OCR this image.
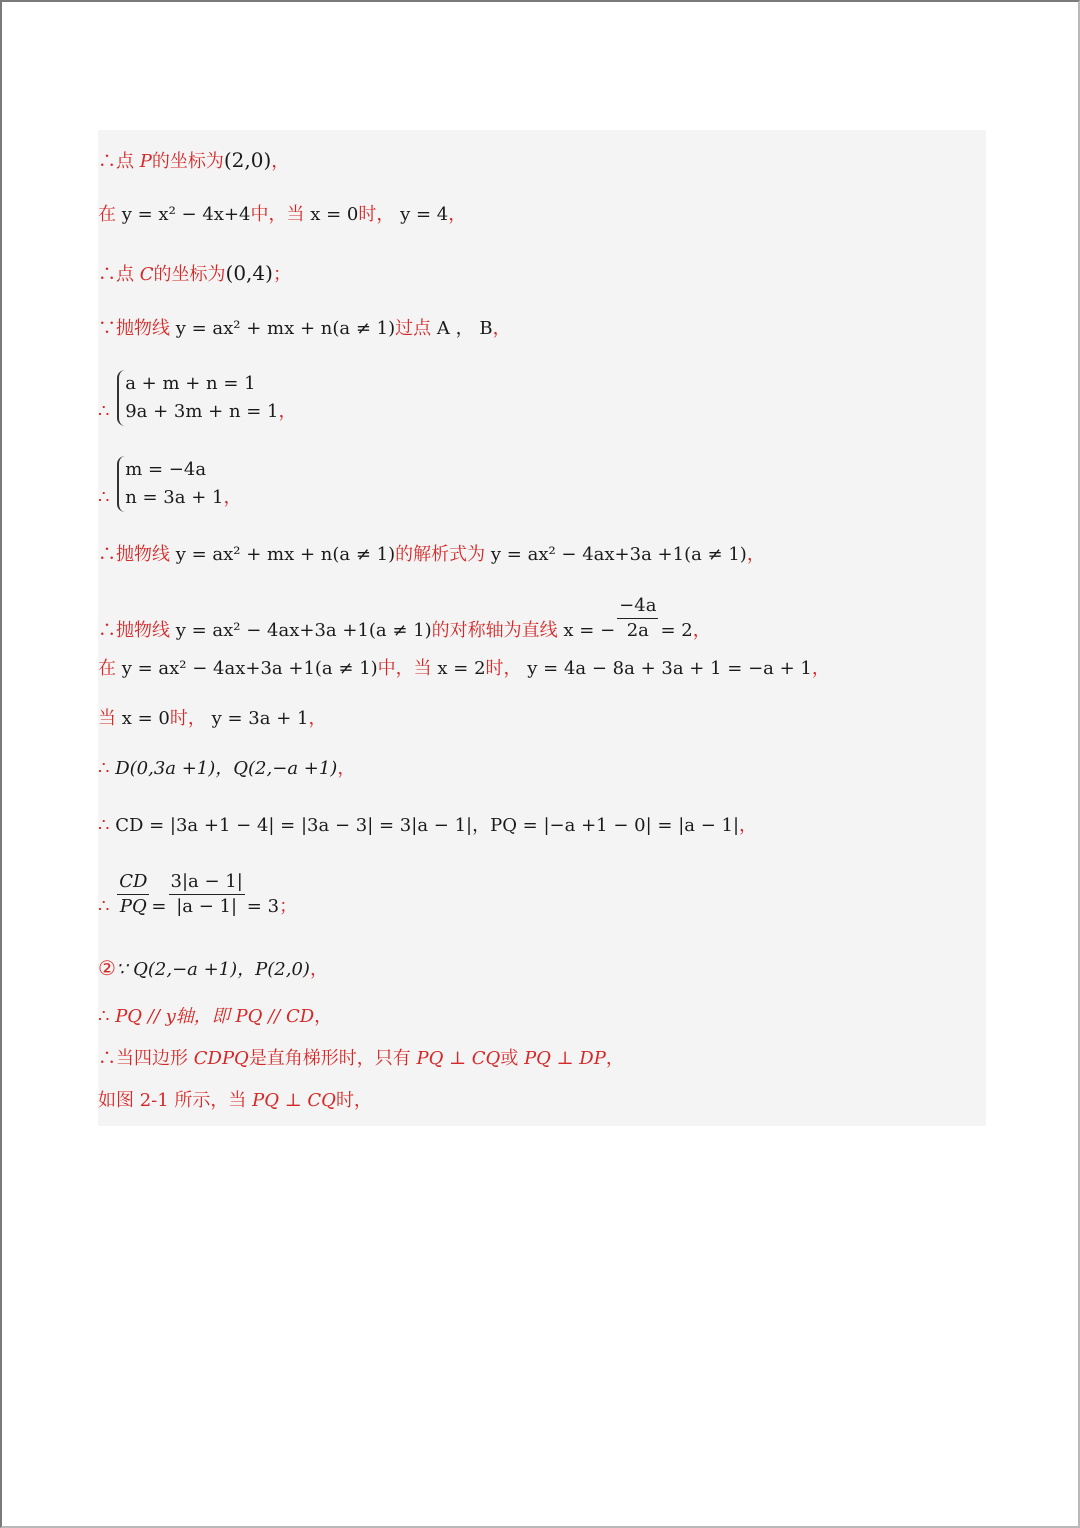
∴点 P的坐标为(2,0)，
在 y = x² − 4x+4中，当 x = 0时， y = 4，
∴点 C的坐标为(0,4)；
∵抛物线 y = ax² + mx + n(a ≠ 1)过点 A ， B，
∴
a + m + n = 1
9a + 3m + n = 1 ，
∴
m = −4a
n = 3a + 1 ，
∴抛物线 y = ax² + mx + n(a ≠ 1)的解析式为 y = ax² − 4ax+3a +1(a ≠ 1)，
∴抛物线 y = ax² − 4ax+3a +1(a ≠ 1)的对称轴为直线 x = − $\frac{-4a}{2a} = 2$，
在 y = ax² − 4ax+3a +1(a ≠ 1)中，当 x = 2时， y = 4a − 8a + 3a + 1 = −a + 1，
当 x = 0时， y = 3a + 1，
∴ D(0,3a +1)，Q(2,−a +1)，
∴ CD = |3a +1 − 4| = |3a − 3| = 3|a − 1|，PQ = |−a +1 − 0| = |a − 1|，
∴ $\frac{CD}{PQ} = \frac{3|a - 1|}{|a - 1|} = 3$；
②∵ Q(2,−a +1)，P(2,0)，
∴ PQ // y轴，即 PQ // CD，
∴当四边形 CDPQ是直角梯形时，只有 PQ ⊥ CQ或 PQ ⊥ DP，
如图 2-1 所示，当 PQ ⊥ CQ时，
